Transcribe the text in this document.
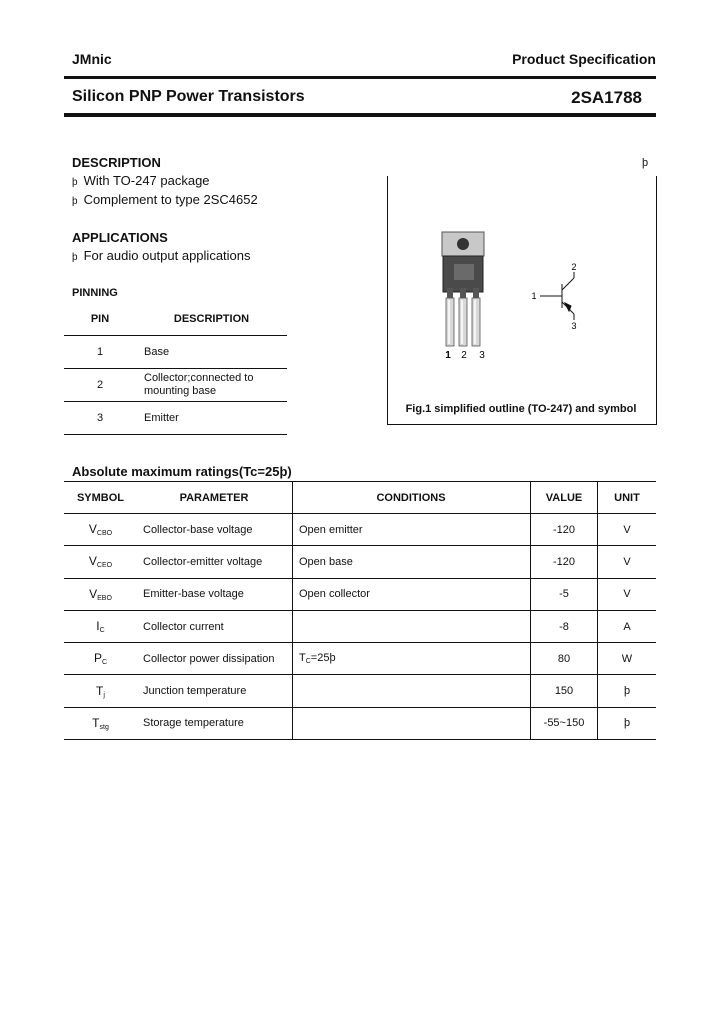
JMnic	Product Specification
Silicon PNP Power Transistors	2SA1788
DESCRIPTION
þ With TO-247 package
þ Complement to type 2SC4652
APPLICATIONS
þ For audio output applications
PINNING
PIN	DESCRIPTION
1	Base
2	Collector;connected to mounting base
3	Emitter
þ
1 2 3
2
1
3
Fig.1 simplified outline (TO-247) and symbol
Absolute maximum ratings(Tc=25þ)
SYMBOL	PARAMETER	CONDITIONS	VALUE	UNIT
VCBO	Collector-base voltage	Open emitter	-120	V
VCEO	Collector-emitter voltage	Open base	-120	V
VEBO	Emitter-base voltage	Open collector	-5	V
IC	Collector current		-8	A
PC	Collector power dissipation	TC=25þ	80	W
Tj	Junction temperature		150	þ
Tstg	Storage temperature		-55~150	þ
